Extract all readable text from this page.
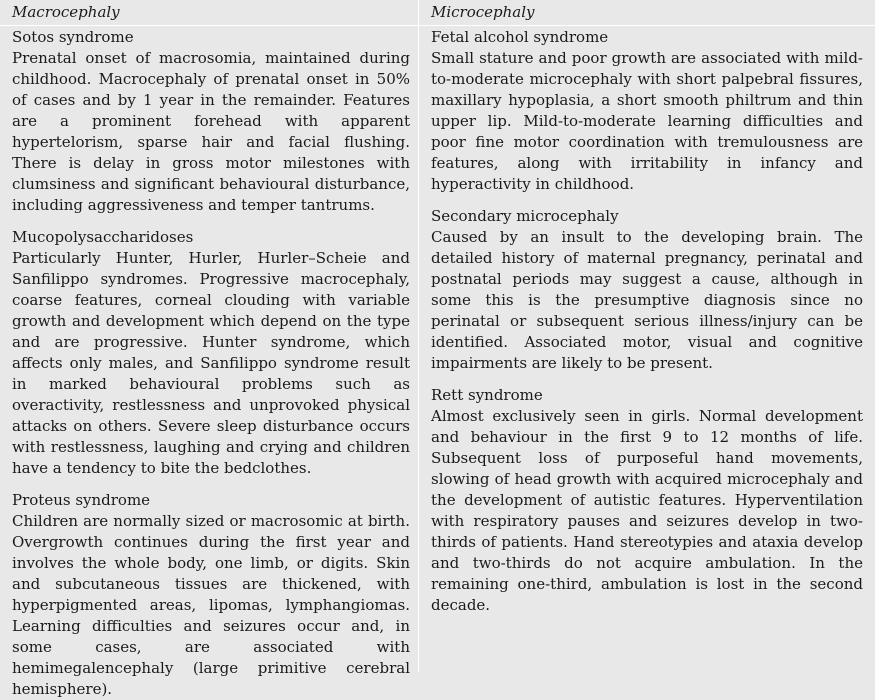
Macrocephaly
Sotos syndrome

Prenatal onset of macrosomia, maintained during childhood. Macrocephaly of prenatal onset in 50% of cases and by 1 year in the remainder. Features are a prominent forehead with apparent hypertelorism, sparse hair and facial flushing. There is delay in gross motor milestones with clumsiness and significant behavioural disturbance, including aggressiveness and temper tantrums.

Mucopolysaccharidoses

Particularly Hunter, Hurler, Hurler–Scheie and Sanfilippo syndromes. Progressive macrocephaly, coarse features, corneal clouding with variable growth and development which depend on the type and are progressive. Hunter syndrome, which affects only males, and Sanfilippo syndrome result in marked behavioural problems such as overactivity, restlessness and unprovoked physical attacks on others. Severe sleep disturbance occurs with restlessness, laughing and crying and children have a tendency to bite the bedclothes.

Proteus syndrome

Children are normally sized or macrosomic at birth. Overgrowth continues during the first year and involves the whole body, one limb, or digits. Skin and subcutaneous tissues are thickened, with hyperpigmented areas, lipomas, lymphangiomas. Learning difficulties and seizures occur and, in some cases, are associated with hemimegalencephaly (large primitive cerebral hemisphere).

Microcephaly
Fetal alcohol syndrome

Small stature and poor growth are associated with mild-to-moderate microcephaly with short palpebral fissures, maxillary hypoplasia, a short smooth philtrum and thin upper lip. Mild-to-moderate learning difficulties and poor fine motor coordination with tremulousness are features, along with irritability in infancy and hyperactivity in childhood.

Secondary microcephaly

Caused by an insult to the developing brain. The detailed history of maternal pregnancy, perinatal and postnatal periods may suggest a cause, although in some this is the presumptive diagnosis since no perinatal or subsequent serious illness/injury can be identified. Associated motor, visual and cognitive impairments are likely to be present.

Rett syndrome

Almost exclusively seen in girls. Normal development and behaviour in the first 9 to 12 months of life. Subsequent loss of purposeful hand movements, slowing of head growth with acquired microcephaly and the development of autistic features. Hyperventilation with respiratory pauses and seizures develop in two-thirds of patients. Hand stereotypies and ataxia develop and two-thirds do not acquire ambulation. In the remaining one-third, ambulation is lost in the second decade.
